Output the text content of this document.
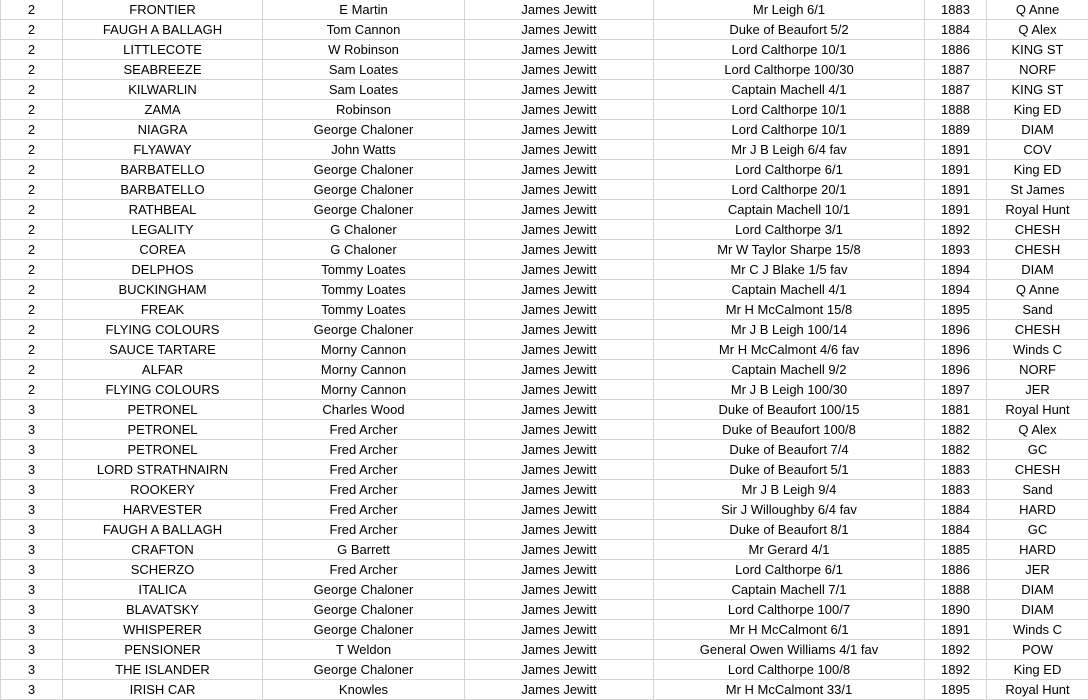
2	FRONTIER	E Martin	James Jewitt	Mr Leigh 6/1	1883	Q Anne
2	FAUGH A BALLAGH	Tom Cannon	James Jewitt	Duke of Beaufort 5/2	1884	Q Alex
2	LITTLECOTE	W Robinson	James Jewitt	Lord Calthorpe 10/1	1886	KING ST
2	SEABREEZE	Sam Loates	James Jewitt	Lord Calthorpe 100/30	1887	NORF
2	KILWARLIN	Sam Loates	James Jewitt	Captain Machell 4/1	1887	KING ST
2	ZAMA	Robinson	James Jewitt	Lord Calthorpe 10/1	1888	King ED
2	NIAGRA	George Chaloner	James Jewitt	Lord Calthorpe 10/1	1889	DIAM
2	FLYAWAY	John Watts	James Jewitt	Mr J B Leigh 6/4 fav	1891	COV
2	BARBATELLO	George Chaloner	James Jewitt	Lord Calthorpe 6/1	1891	King ED
2	BARBATELLO	George Chaloner	James Jewitt	Lord Calthorpe 20/1	1891	St James
2	RATHBEAL	George Chaloner	James Jewitt	Captain Machell 10/1	1891	Royal Hunt
2	LEGALITY	G Chaloner	James Jewitt	Lord Calthorpe 3/1	1892	CHESH
2	COREA	G Chaloner	James Jewitt	Mr W Taylor Sharpe 15/8	1893	CHESH
2	DELPHOS	Tommy Loates	James Jewitt	Mr C J Blake 1/5 fav	1894	DIAM
2	BUCKINGHAM	Tommy Loates	James Jewitt	Captain Machell 4/1	1894	Q Anne
2	FREAK	Tommy Loates	James Jewitt	Mr H McCalmont 15/8	1895	Sand
2	FLYING COLOURS	George Chaloner	James Jewitt	Mr J B Leigh 100/14	1896	CHESH
2	SAUCE TARTARE	Morny Cannon	James Jewitt	Mr H McCalmont 4/6 fav	1896	Winds C
2	ALFAR	Morny Cannon	James Jewitt	Captain Machell 9/2	1896	NORF
2	FLYING COLOURS	Morny Cannon	James Jewitt	Mr J B Leigh 100/30	1897	JER
3	PETRONEL	Charles Wood	James Jewitt	Duke of Beaufort 100/15	1881	Royal Hunt
3	PETRONEL	Fred Archer	James Jewitt	Duke of Beaufort 100/8	1882	Q Alex
3	PETRONEL	Fred Archer	James Jewitt	Duke of Beaufort 7/4	1882	GC
3	LORD STRATHNAIRN	Fred Archer	James Jewitt	Duke of Beaufort 5/1	1883	CHESH
3	ROOKERY	Fred Archer	James Jewitt	Mr J B Leigh 9/4	1883	Sand
3	HARVESTER	Fred Archer	James Jewitt	Sir J Willoughby 6/4 fav	1884	HARD
3	FAUGH A BALLAGH	Fred Archer	James Jewitt	Duke of Beaufort 8/1	1884	GC
3	CRAFTON	G Barrett	James Jewitt	Mr Gerard 4/1	1885	HARD
3	SCHERZO	Fred Archer	James Jewitt	Lord Calthorpe 6/1	1886	JER
3	ITALICA	George Chaloner	James Jewitt	Captain Machell 7/1	1888	DIAM
3	BLAVATSKY	George Chaloner	James Jewitt	Lord Calthorpe 100/7	1890	DIAM
3	WHISPERER	George Chaloner	James Jewitt	Mr H McCalmont 6/1	1891	Winds C
3	PENSIONER	T Weldon	James Jewitt	General Owen Williams 4/1 fav	1892	POW
3	THE ISLANDER	George Chaloner	James Jewitt	Lord Calthorpe 100/8	1892	King ED
3	IRISH CAR	Knowles	James Jewitt	Mr H McCalmont 33/1	1895	Royal Hunt
